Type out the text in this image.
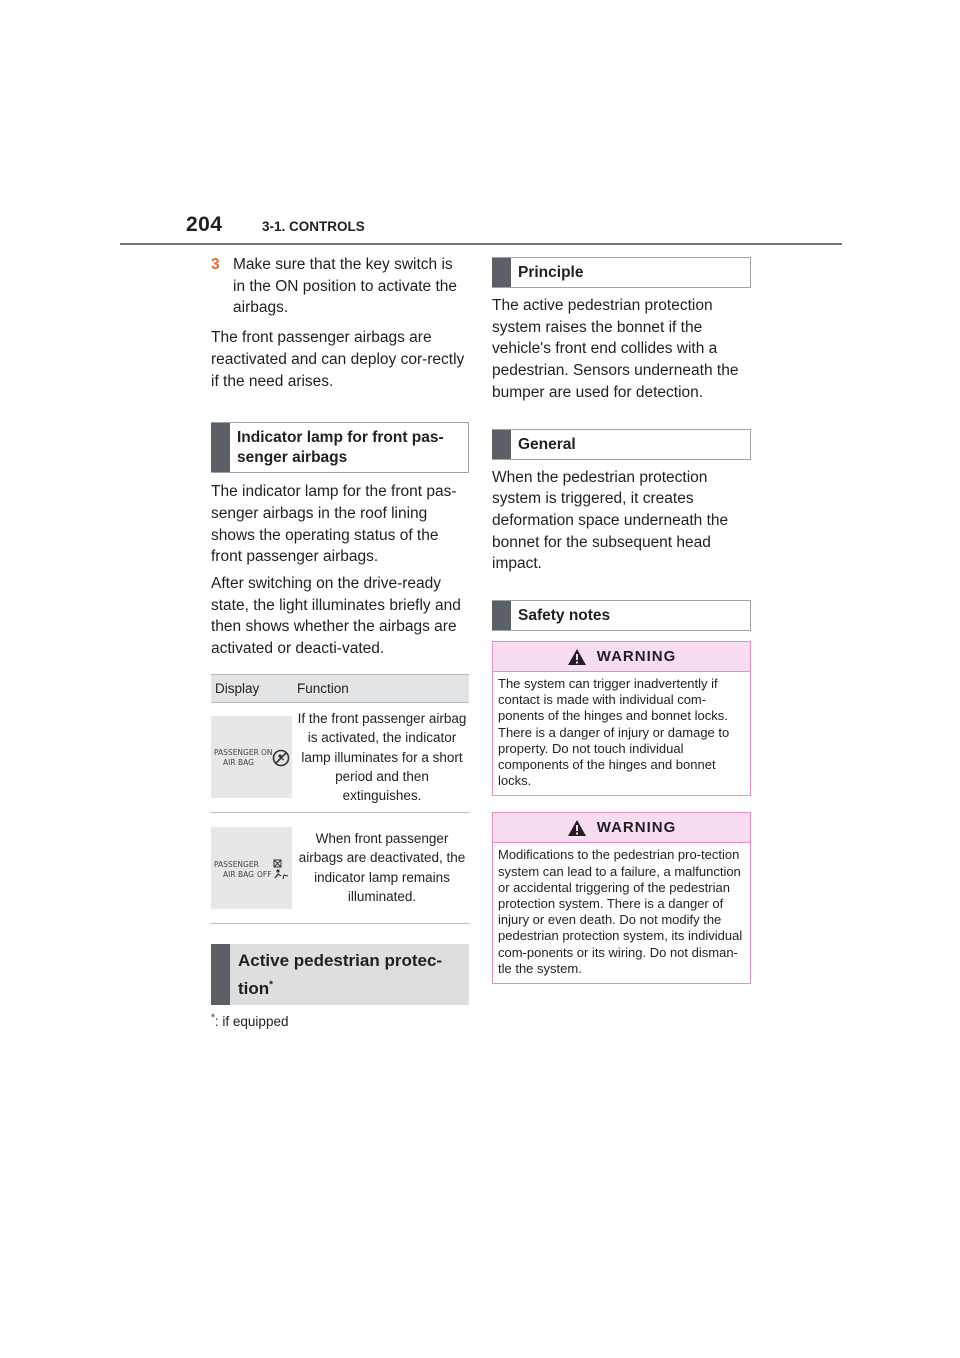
204	3-1. CONTROLS
3 Make sure that the key switch is in the ON position to activate the airbags.

The front passenger airbags are reactivated and can deploy cor-rectly if the need arises.

Indicator lamp for front pas-senger airbags

The indicator lamp for the front pas-senger airbags in the roof lining shows the operating status of the front passenger airbags.

After switching on the drive-ready state, the light illuminates briefly and then shows whether the airbags are activated or deacti-vated.

Display	Function
PASSENGER ON
AIR BAG
If the front passenger airbag is activated, the indicator lamp illuminates for a short period and then extinguishes.
PASSENGER
AIR BAG OFF
When front passenger airbags are deactivated, the indicator lamp remains illuminated.
Active pedestrian protec-tion*
*: if equipped
Principle

The active pedestrian protection system raises the bonnet if the vehicle's front end collides with a pedestrian. Sensors underneath the bumper are used for detection.

General

When the pedestrian protection system is triggered, it creates deformation space underneath the bonnet for the subsequent head impact.

Safety notes
WARNING
The system can trigger inadvertently if contact is made with individual com-ponents of the hinges and bonnet locks. There is a danger of injury or damage to property. Do not touch individual components of the hinges and bonnet locks.
WARNING
Modifications to the pedestrian pro-tection system can lead to a failure, a malfunction or accidental triggering of the pedestrian protection system. There is a danger of injury or even death. Do not modify the pedestrian protection system, its individual com-ponents or its wiring. Do not disman-tle the system.
